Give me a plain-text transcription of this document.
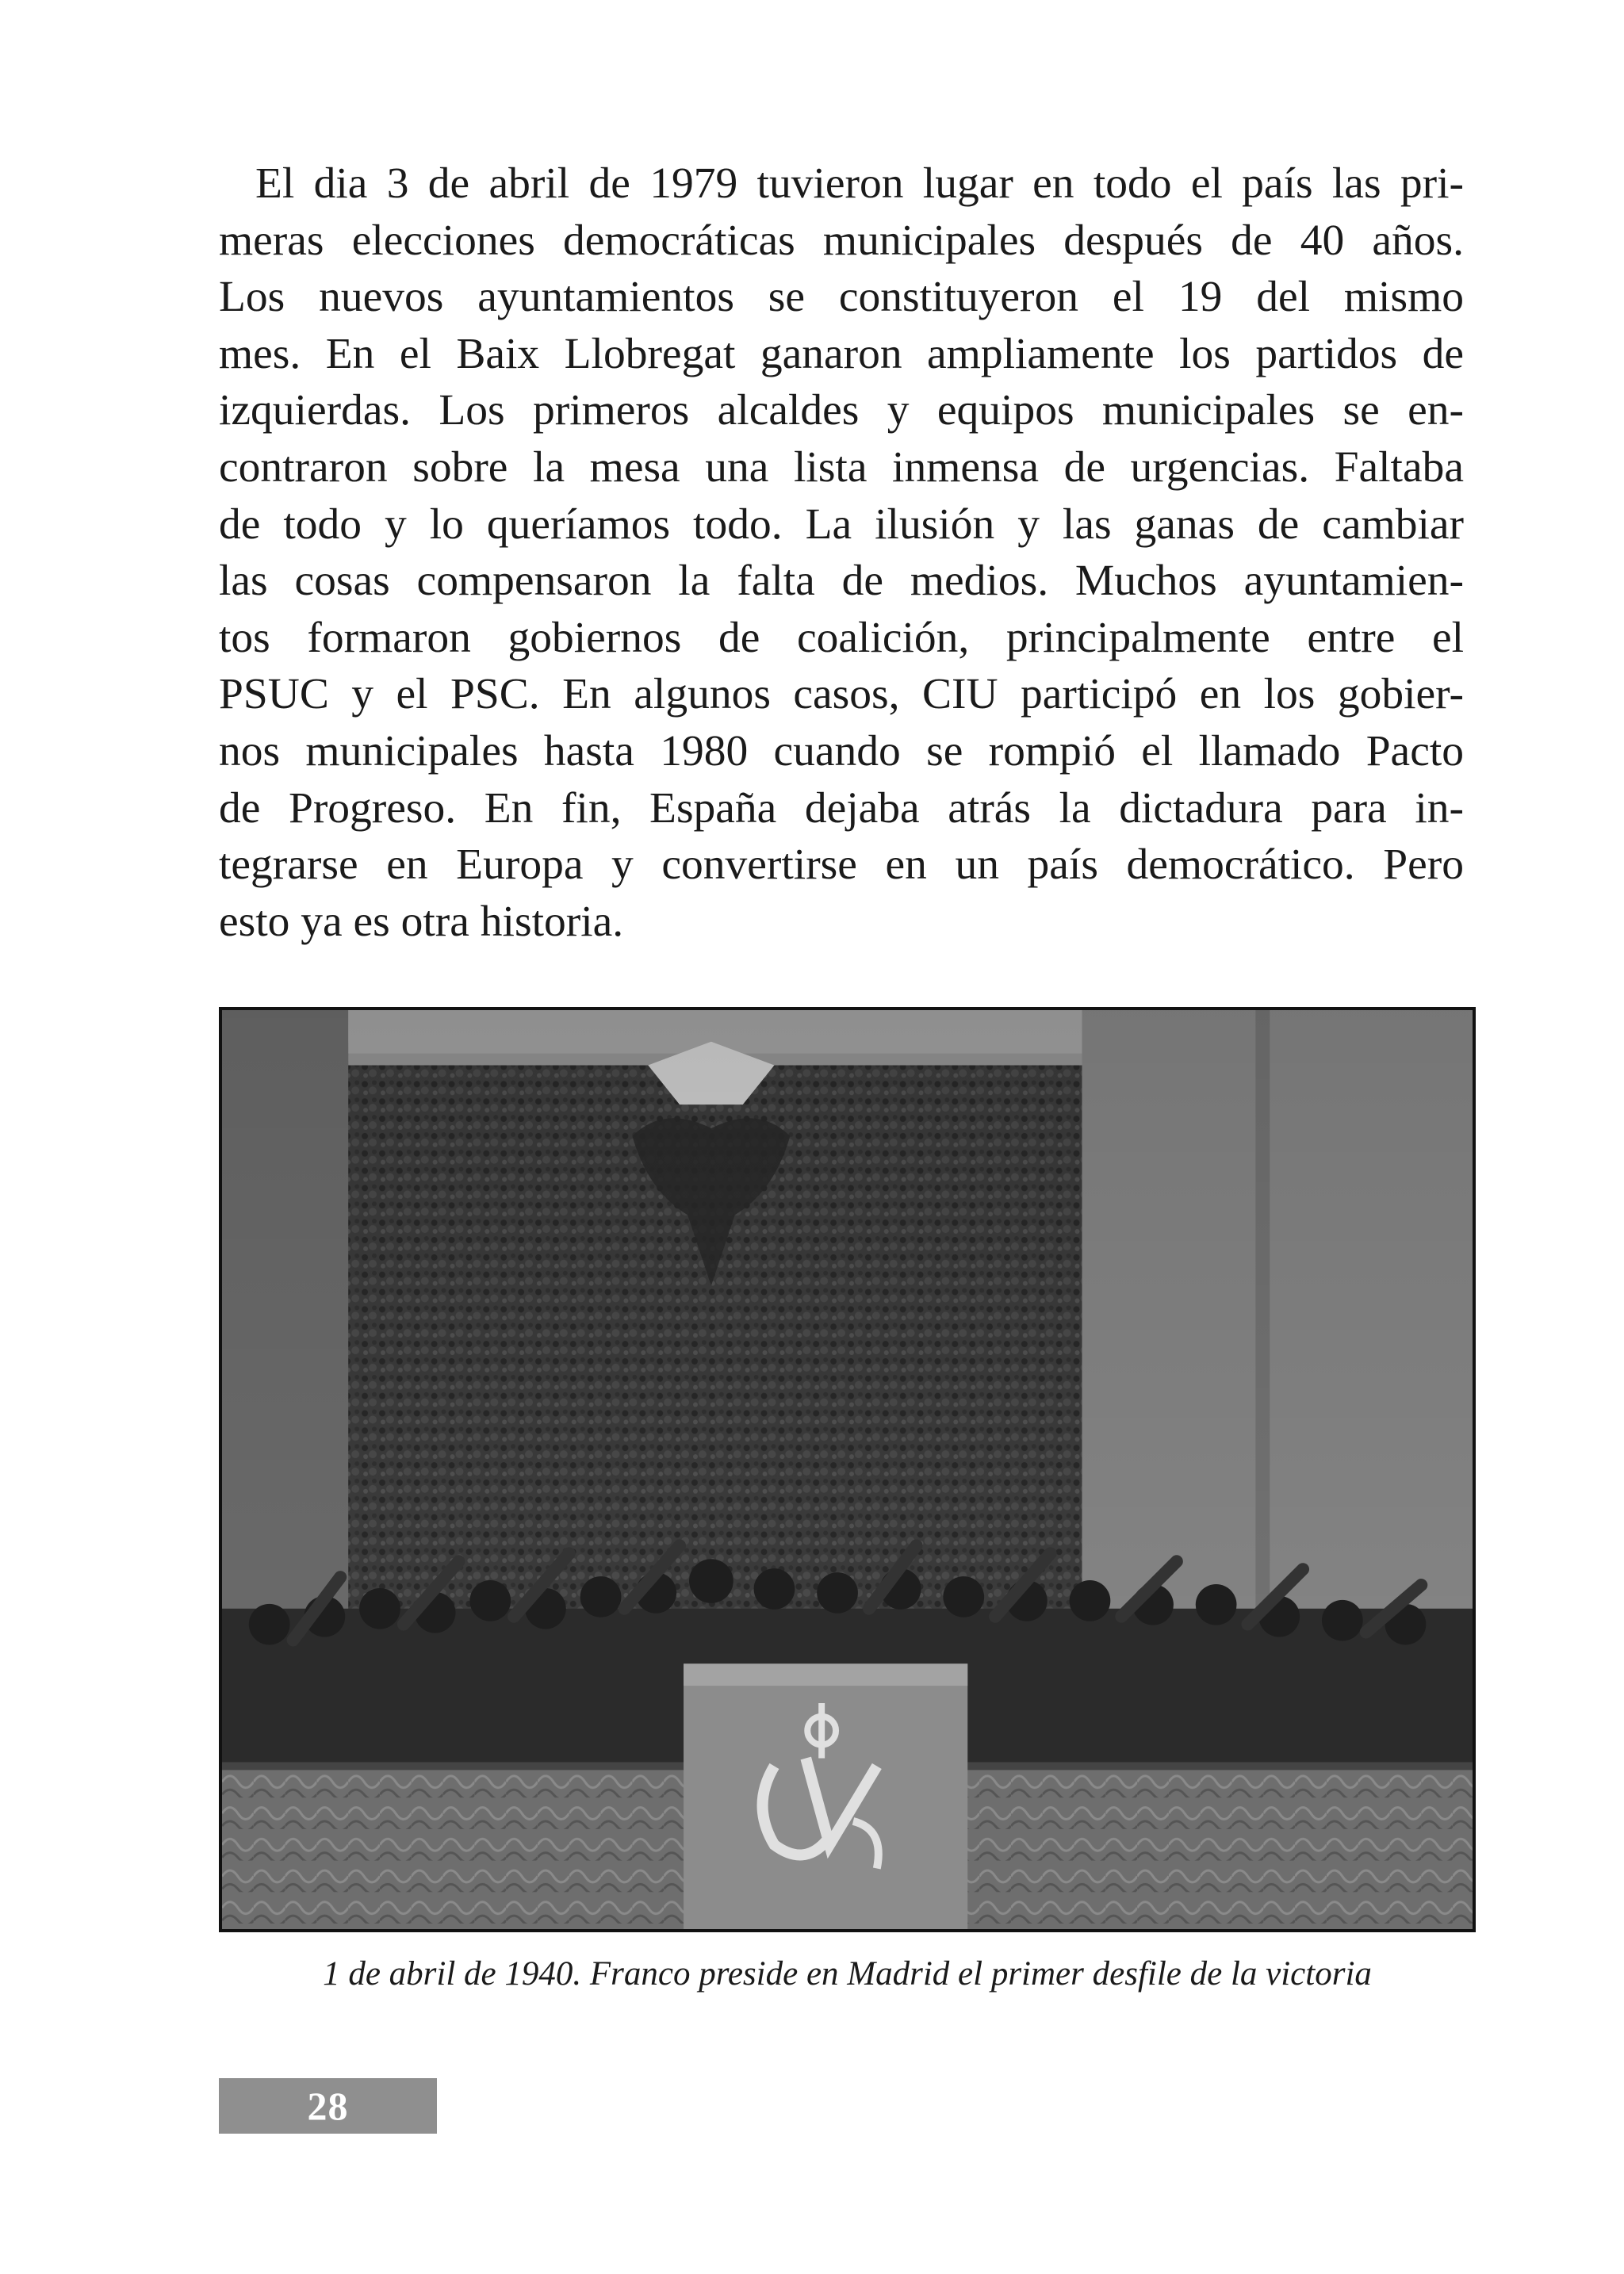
El dia 3 de abril de 1979 tuvieron lugar en todo el país las pri-
meras elecciones democráticas municipales después de 40 años.
Los nuevos ayuntamientos se constituyeron el 19 del mismo
mes. En el Baix Llobregat ganaron ampliamente los partidos de
izquierdas. Los primeros alcaldes y equipos municipales se en-
contraron sobre la mesa una lista inmensa de urgencias. Faltaba
de todo y lo queríamos todo. La ilusión y las ganas de cambiar
las cosas compensaron la falta de medios. Muchos ayuntamien-
tos formaron gobiernos de coalición, principalmente entre el
PSUC y el PSC. En algunos casos, CIU participó en los gobier-
nos municipales hasta 1980 cuando se rompió el llamado Pacto
de Progreso. En fin, España dejaba atrás la dictadura para in-
tegrarse en Europa y convertirse en un país democrático. Pero
esto ya es otra historia.
1 de abril de 1940. Franco preside en Madrid el primer desfile de la victoria
28
